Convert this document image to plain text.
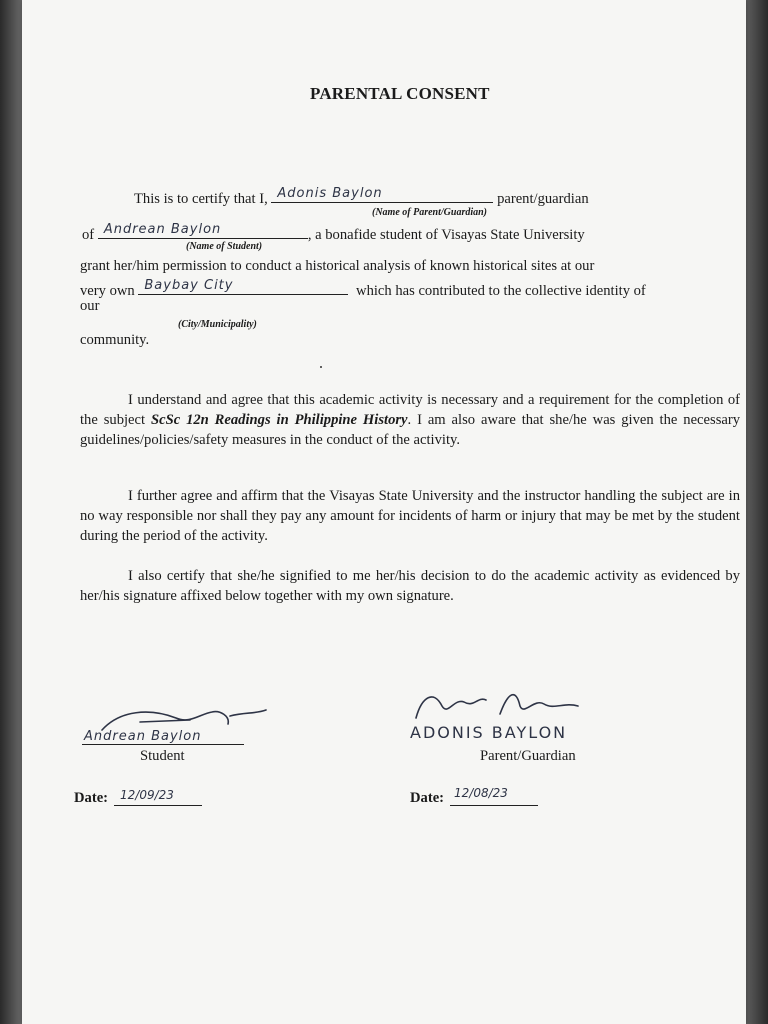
PARENTAL CONSENT
This is to certify that I, Adonis Baylon	parent/guardian
(Name of Parent/Guardian)
of Andrean Baylon	, a bonafide student of Visayas State University
(Name of Student)
grant her/him permission to conduct a historical analysis of known historical sites at our
very own Baybay City	which has contributed to the collective identity of
our
(City/Municipality)
community.
I understand and agree that this academic activity is necessary and a requirement for the completion of the subject ScSc 12n Readings in Philippine History. I am also aware that she/he was given the necessary guidelines/policies/safety measures in the conduct of the activity.
I further agree and affirm that the Visayas State University and the instructor handling the subject are in no way responsible nor shall they pay any amount for incidents of harm or injury that may be met by the student during the period of the activity.
I also certify that she/he signified to me her/his decision to do the academic activity as evidenced by her/his signature affixed below together with my own signature.
Andrean Baylon
Student
Date: 12/09/23
ADONIS BAYLON
Parent/Guardian
Date: 12/08/23
